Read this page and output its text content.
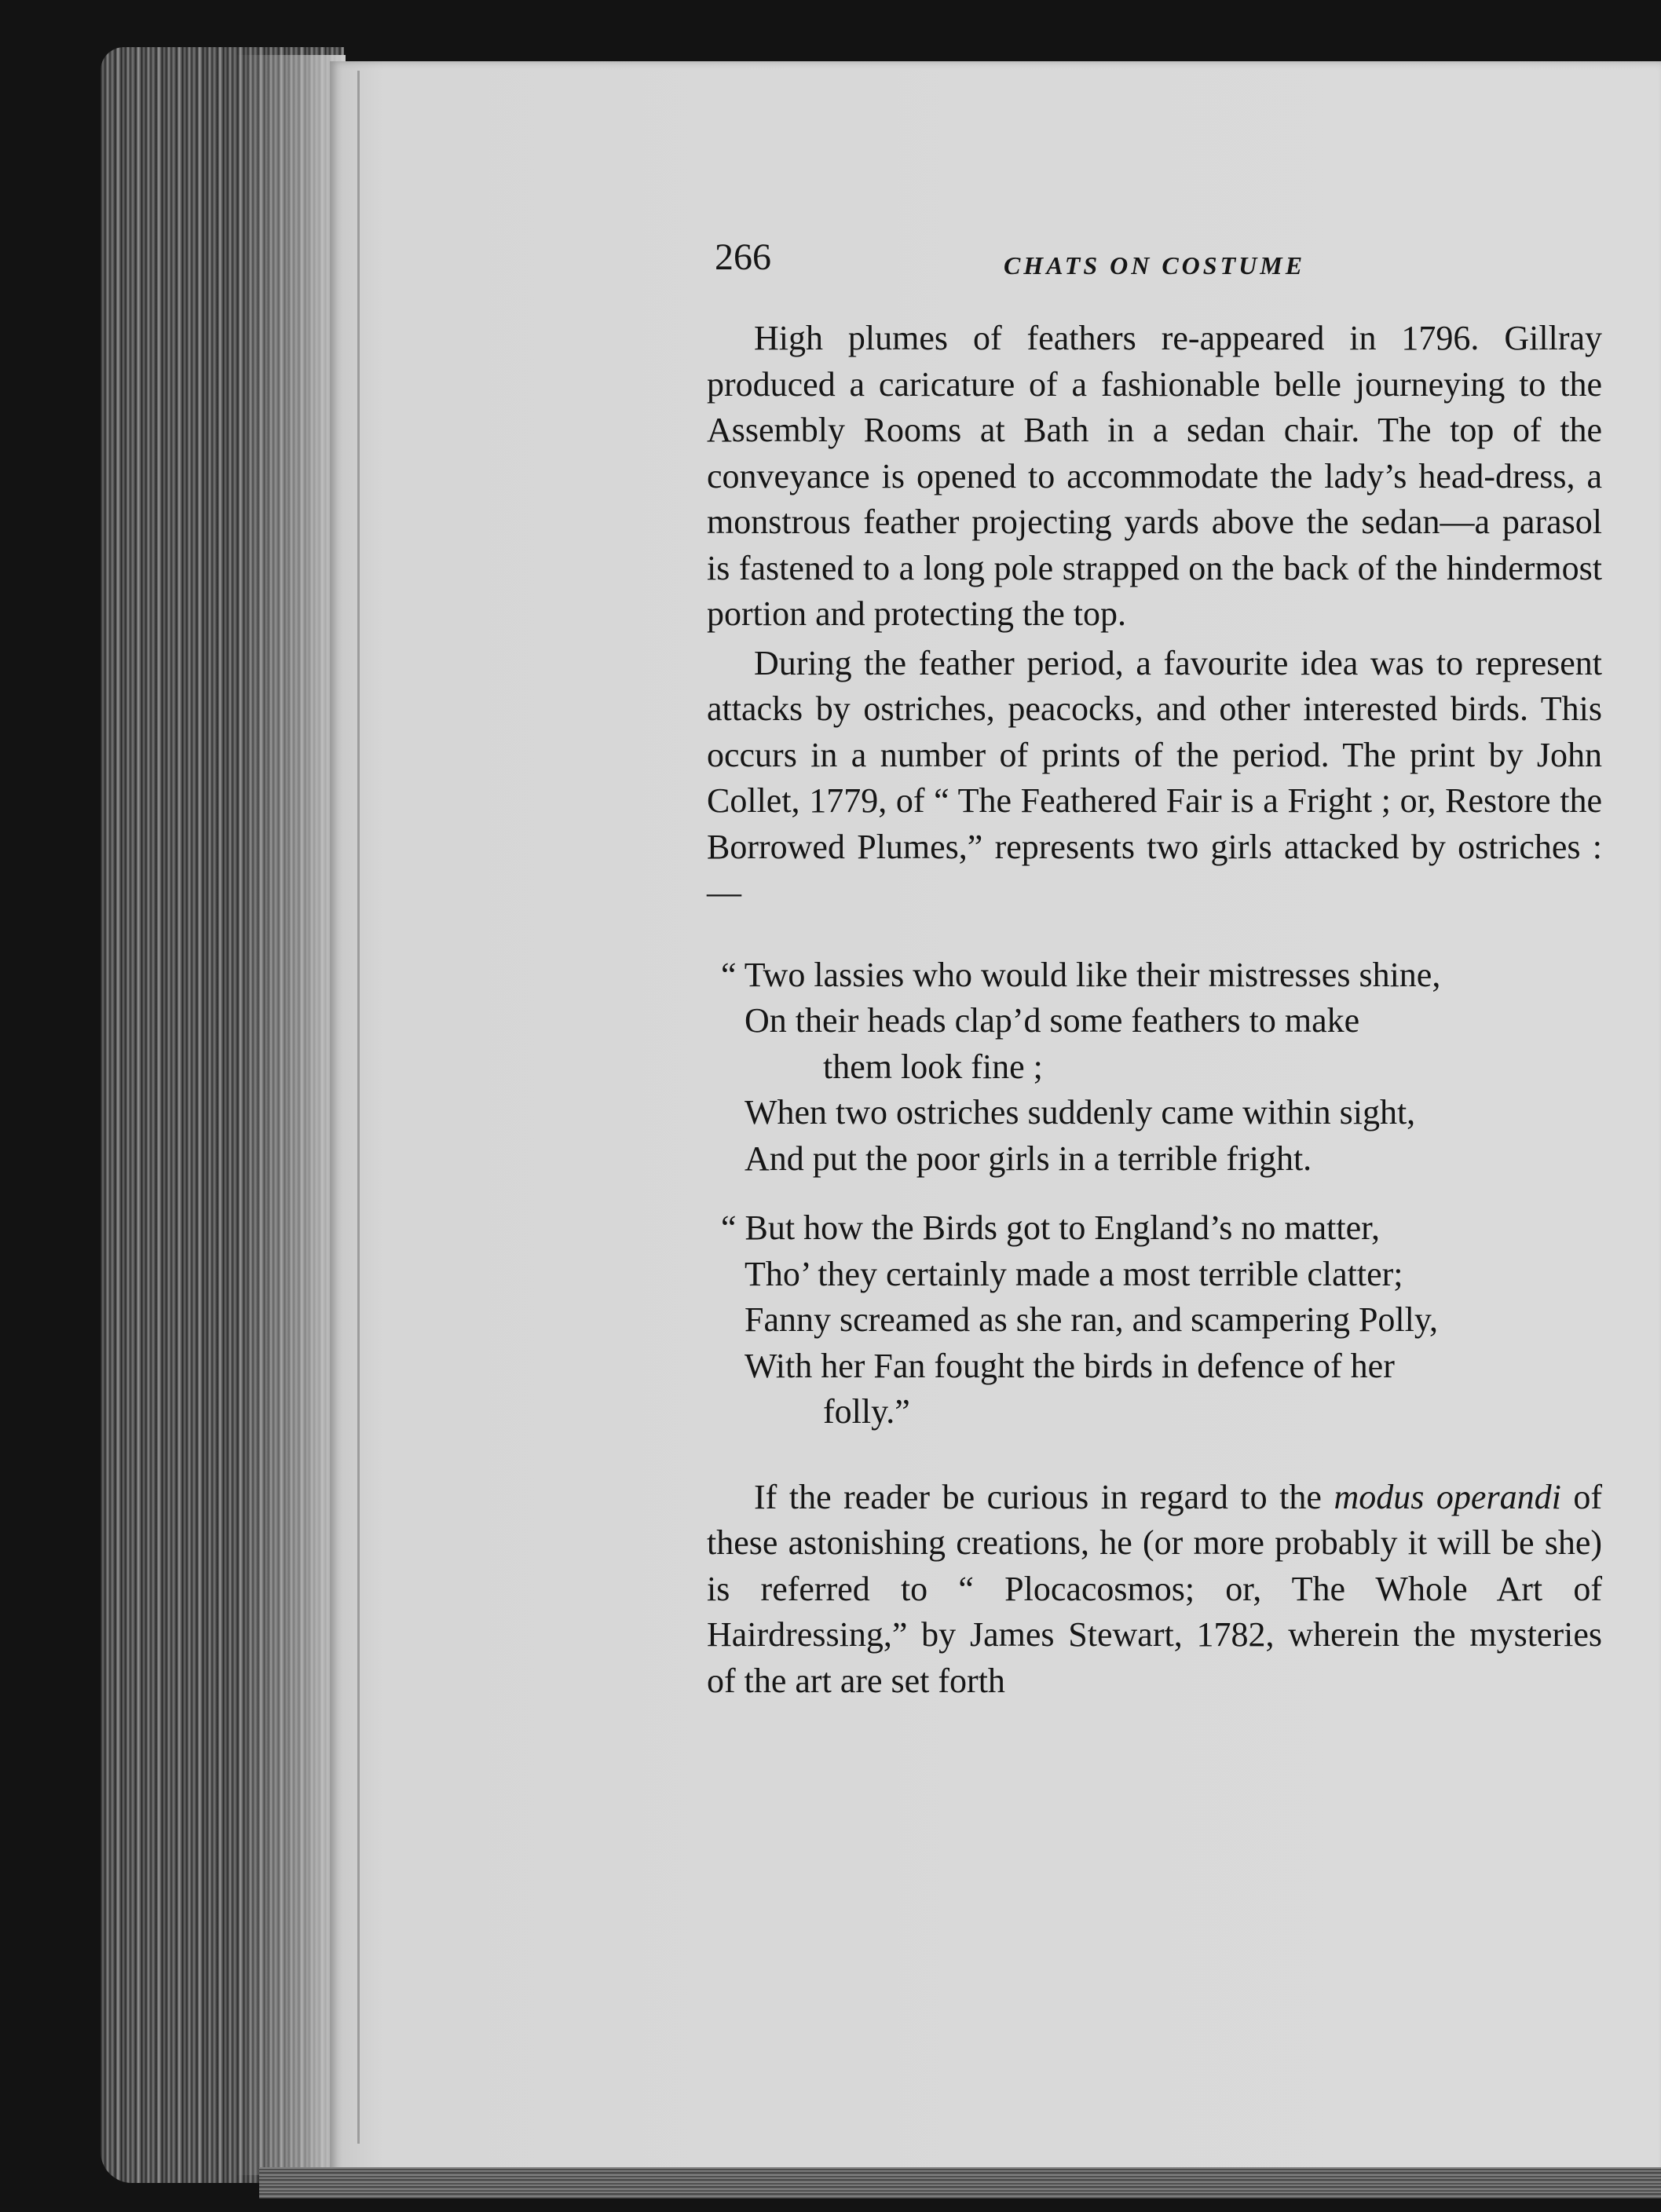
266	CHATS ON COSTUME

High plumes of feathers re-appeared in 1796. Gillray produced a caricature of a fashionable belle journeying to the Assembly Rooms at Bath in a sedan chair. The top of the conveyance is opened to accommodate the lady’s head-dress, a monstrous feather projecting yards above the sedan—a parasol is fastened to a long pole strapped on the back of the hindermost portion and protecting the top.

During the feather period, a favourite idea was to represent attacks by ostriches, peacocks, and other interested birds. This occurs in a number of prints of the period. The print by John Collet, 1779, of “ The Feathered Fair is a Fright ; or, Restore the Borrowed Plumes,” represents two girls attacked by ostriches :—

“ Two lassies who would like their mistresses shine,
On their heads clap’d some feathers to make
them look fine ;
When two ostriches suddenly came within sight,
And put the poor girls in a terrible fright.
“ But how the Birds got to England’s no matter,
Tho’ they certainly made a most terrible clatter;
Fanny screamed as she ran, and scampering Polly,
With her Fan fought the birds in defence of her
folly.”

If the reader be curious in regard to the modus operandi of these astonishing creations, he (or more probably it will be she) is referred to “ Plocacosmos; or, The Whole Art of Hairdressing,” by James Stewart, 1782, wherein the mysteries of the art are set forth
